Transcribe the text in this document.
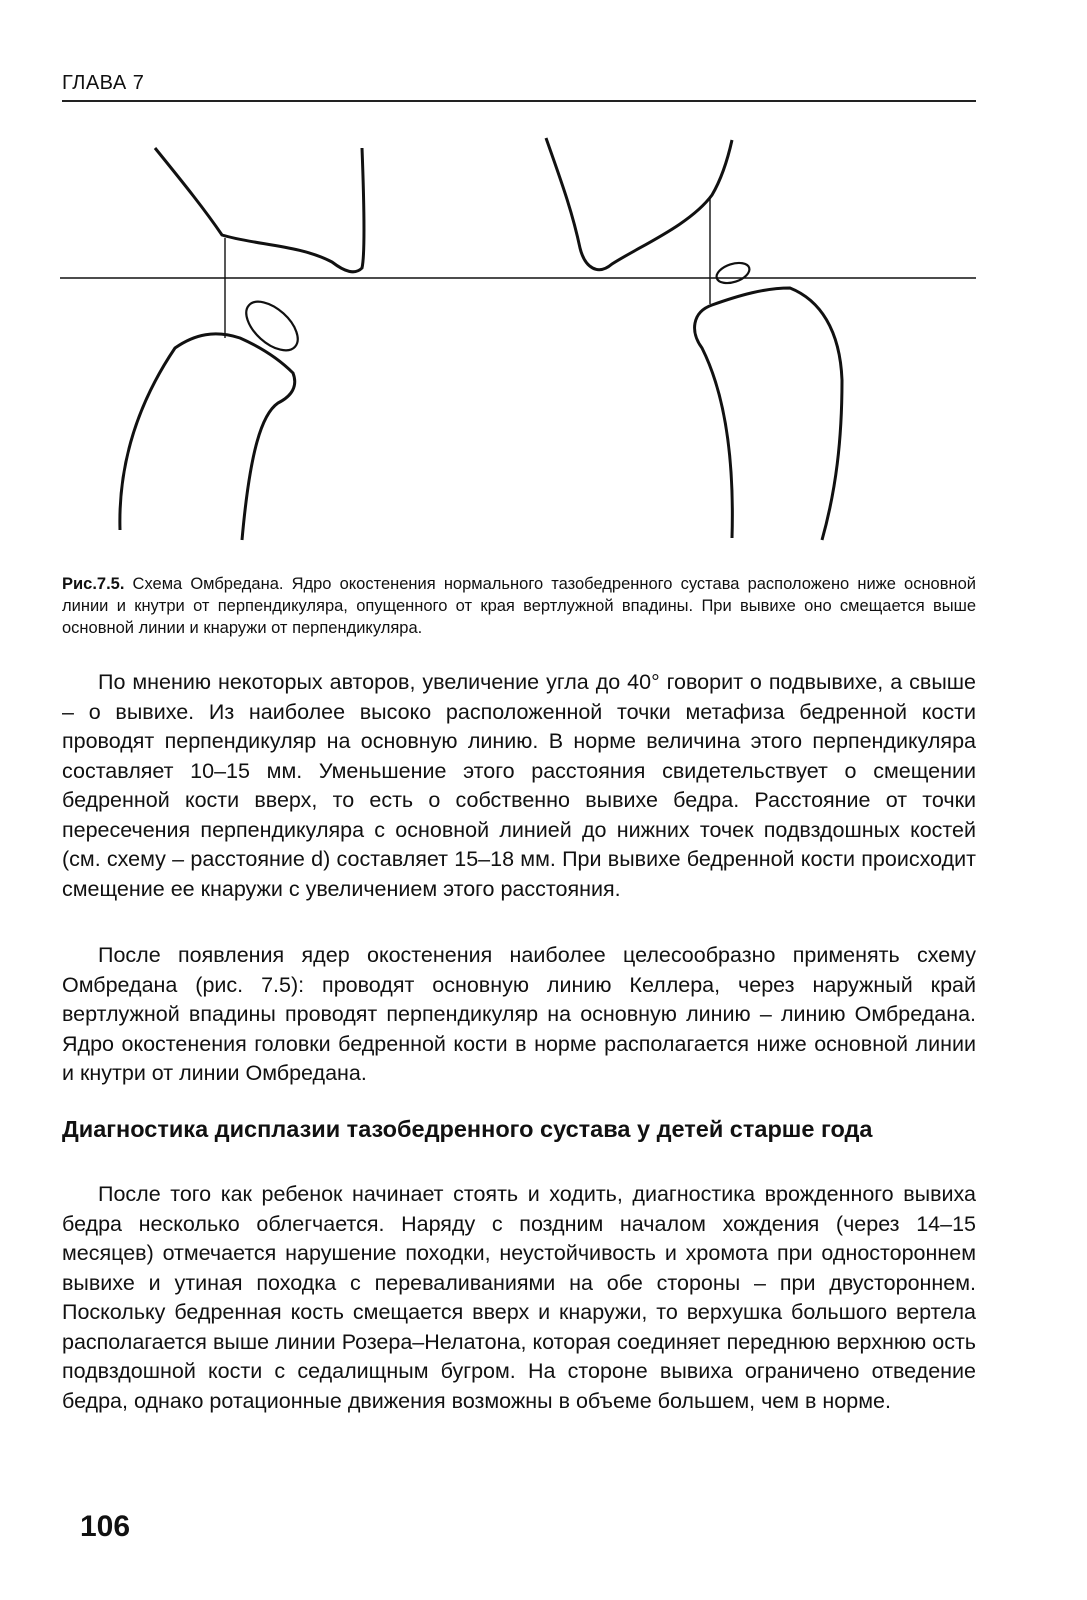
ГЛАВА 7
Рис.7.5. Схема Омбредана. Ядро окостенения нормального тазобедренного сустава расположено ниже основной линии и кнутри от перпендикуляра, опущенного от края вертлужной впадины. При вывихе оно смещается выше основной линии и кнаружи от перпендикуляра.

По мнению некоторых авторов, увеличение угла до 40° говорит о подвывихе, а свыше – о вывихе. Из наиболее высоко расположенной точки метафиза бедренной кости проводят перпендикуляр на основную линию. В норме величина этого перпендикуляра составляет 10–15 мм. Уменьшение этого расстояния свидетельствует о смещении бедренной кости вверх, то есть о собственно вывихе бедра. Расстояние от точки пересечения перпендикуляра с основной линией до нижних точек подвздошных костей (см. схему – расстояние d) составляет 15–18 мм. При вывихе бедренной кости происходит смещение ее кнаружи с увеличением этого расстояния.

После появления ядер окостенения наиболее целесообразно применять схему Омбредана (рис. 7.5): проводят основную линию Келлера, через наружный край вертлужной впадины проводят перпендикуляр на основную линию – линию Омбредана. Ядро окостенения головки бедренной кости в норме располагается ниже основной линии и кнутри от линии Омбредана.

Диагностика дисплазии тазобедренного сустава у детей старше года

После того как ребенок начинает стоять и ходить, диагностика врожденного вывиха бедра несколько облегчается. Наряду с поздним началом хождения (через 14–15 месяцев) отмечается нарушение походки, неустойчивость и хромота при одностороннем вывихе и утиная походка с переваливаниями на обе стороны – при двустороннем. Поскольку бедренная кость смещается вверх и кнаружи, то верхушка большого вертела располагается выше линии Розера–Нелатона, которая соединяет переднюю верхнюю ость подвздошной кости с седалищным бугром. На стороне вывиха ограничено отведение бедра, однако ротационные движения возможны в объеме большем, чем в норме.

106
